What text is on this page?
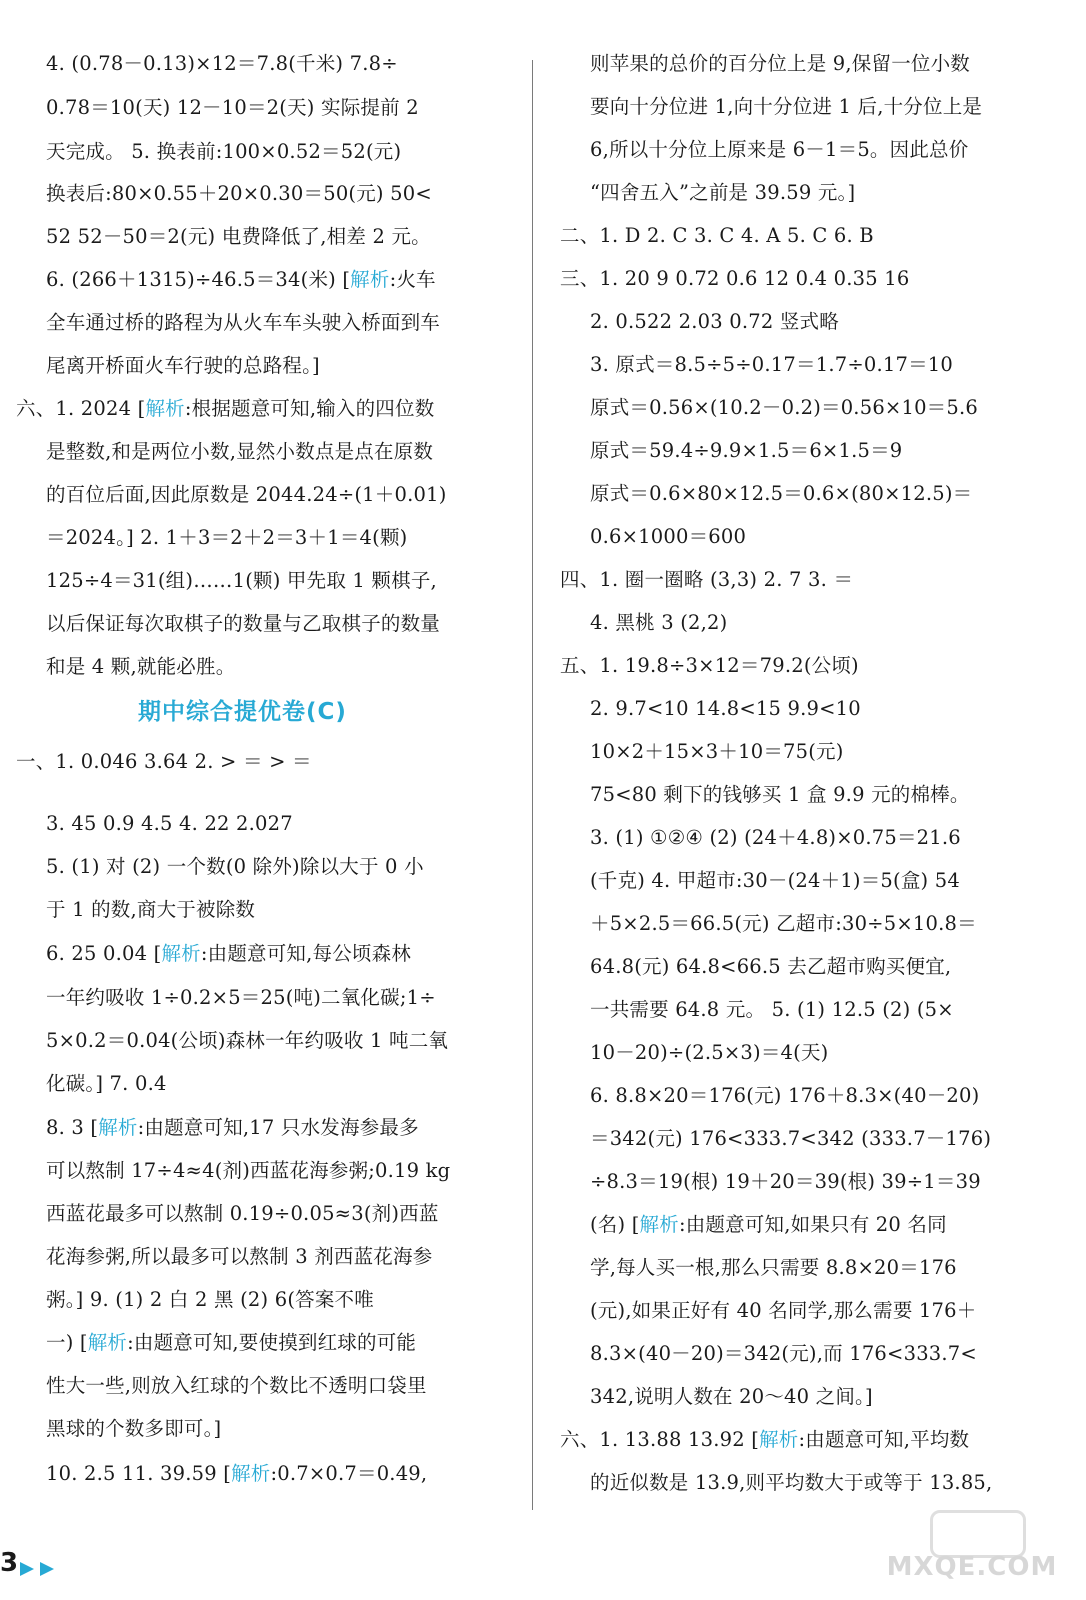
4. (0.78－0.13)×12＝7.8(千米) 7.8÷
0.78＝10(天) 12－10＝2(天) 实际提前 2
天完成。 5. 换表前:100×0.52＝52(元)
换表后:80×0.55＋20×0.30＝50(元) 50<
52 52－50＝2(元) 电费降低了,相差 2 元。
6. (266＋1315)÷46.5＝34(米) [解析:火车
全车通过桥的路程为从火车车头驶入桥面到车
尾离开桥面火车行驶的总路程。]
六、1. 2024 [解析:根据题意可知,输入的四位数
是整数,和是两位小数,显然小数点是点在原数
的百位后面,因此原数是 2044.24÷(1＋0.01)
＝2024。] 2. 1＋3＝2＋2＝3＋1＝4(颗)
125÷4＝31(组)……1(颗) 甲先取 1 颗棋子,
以后保证每次取棋子的数量与乙取棋子的数量
和是 4 颗,就能必胜。
期中综合提优卷(C)
一、1. 0.046 3.64 2. > ＝ > ＝
3. 45 0.9 4.5 4. 22 2.027
5. (1) 对 (2) 一个数(0 除外)除以大于 0 小
于 1 的数,商大于被除数
6. 25 0.04 [解析:由题意可知,每公顷森林
一年约吸收 1÷0.2×5＝25(吨)二氧化碳;1÷
5×0.2＝0.04(公顷)森林一年约吸收 1 吨二氧
化碳。] 7. 0.4
8. 3 [解析:由题意可知,17 只水发海参最多
可以熬制 17÷4≈4(剂)西蓝花海参粥;0.19 kg
西蓝花最多可以熬制 0.19÷0.05≈3(剂)西蓝
花海参粥,所以最多可以熬制 3 剂西蓝花海参
粥。] 9. (1) 2 白 2 黑 (2) 6(答案不唯
一) [解析:由题意可知,要使摸到红球的可能
性大一些,则放入红球的个数比不透明口袋里
黑球的个数多即可。]
10. 2.5 11. 39.59 [解析:0.7×0.7＝0.49,
则苹果的总价的百分位上是 9,保留一位小数
要向十分位进 1,向十分位进 1 后,十分位上是
6,所以十分位上原来是 6－1＝5。因此总价
“四舍五入”之前是 39.59 元。]
二、1. D 2. C 3. C 4. A 5. C 6. B
三、1. 20 9 0.72 0.6 12 0.4 0.35 16
2. 0.522 2.03 0.72 竖式略
3. 原式＝8.5÷5÷0.17＝1.7÷0.17＝10
原式＝0.56×(10.2－0.2)＝0.56×10＝5.6
原式＝59.4÷9.9×1.5＝6×1.5＝9
原式＝0.6×80×12.5＝0.6×(80×12.5)＝
0.6×1000＝600
四、1. 圈一圈略 (3,3) 2. 7 3. ＝
4. 黑桃 3 (2,2)
五、1. 19.8÷3×12＝79.2(公顷)
2. 9.7<10 14.8<15 9.9<10
10×2＋15×3＋10＝75(元)
75<80 剩下的钱够买 1 盒 9.9 元的棉棒。
3. (1) ①②④ (2) (24＋4.8)×0.75＝21.6
(千克) 4. 甲超市:30－(24＋1)＝5(盒) 54
＋5×2.5＝66.5(元) 乙超市:30÷5×10.8＝
64.8(元) 64.8<66.5 去乙超市购买便宜,
一共需要 64.8 元。 5. (1) 12.5 (2) (5×
10－20)÷(2.5×3)＝4(天)
6. 8.8×20＝176(元) 176＋8.3×(40－20)
＝342(元) 176<333.7<342 (333.7－176)
÷8.3＝19(根) 19＋20＝39(根) 39÷1＝39
(名) [解析:由题意可知,如果只有 20 名同
学,每人买一根,那么只需要 8.8×20＝176
(元),如果正好有 40 名同学,那么需要 176＋
8.3×(40－20)＝342(元),而 176<333.7<
342,说明人数在 20～40 之间。]
六、1. 13.88 13.92 [解析:由题意可知,平均数
的近似数是 13.9,则平均数大于或等于 13.85,
3	MXQE.COM
